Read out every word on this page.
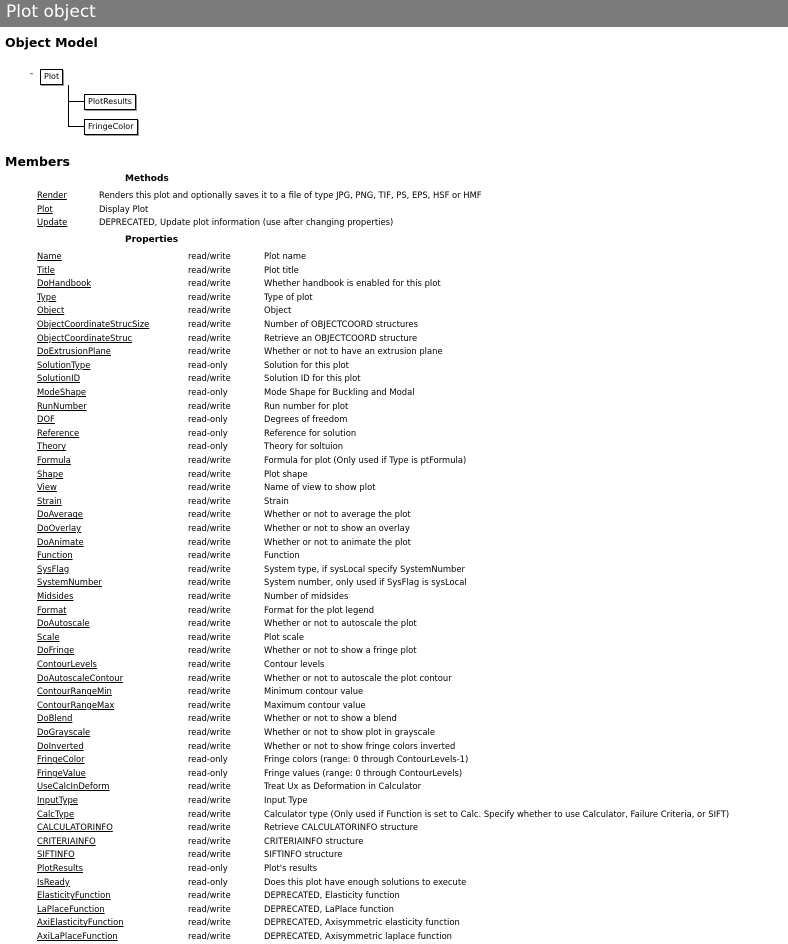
Plot object
Object Model
-	Plot
PlotResults
FringeColor
Members
Methods
Render	Renders this plot and optionally saves it to a file of type JPG, PNG, TIF, PS, EPS, HSF or HMF
Plot	Display Plot
Update	DEPRECATED, Update plot information (use after changing properties)
Properties
Name	read/write	Plot name
Title	read/write	Plot title
DoHandbook	read/write	Whether handbook is enabled for this plot
Type	read/write	Type of plot
Object	read/write	Object
ObjectCoordinateStrucSize	read/write	Number of OBJECTCOORD structures
ObjectCoordinateStruc	read/write	Retrieve an OBJECTCOORD structure
DoExtrusionPlane	read/write	Whether or not to have an extrusion plane
SolutionType	read-only	Solution for this plot
SolutionID	read/write	Solution ID for this plot
ModeShape	read-only	Mode Shape for Buckling and Modal
RunNumber	read/write	Run number for plot
DOF	read-only	Degrees of freedom
Reference	read-only	Reference for solution
Theory	read-only	Theory for soltuion
Formula	read/write	Formula for plot (Only used if Type is ptFormula)
Shape	read/write	Plot shape
View	read/write	Name of view to show plot
Strain	read/write	Strain
DoAverage	read/write	Whether or not to average the plot
DoOverlay	read/write	Whether or not to show an overlay
DoAnimate	read/write	Whether or not to animate the plot
Function	read/write	Function
SysFlag	read/write	System type, if sysLocal specify SystemNumber
SystemNumber	read/write	System number, only used if SysFlag is sysLocal
Midsides	read/write	Number of midsides
Format	read/write	Format for the plot legend
DoAutoscale	read/write	Whether or not to autoscale the plot
Scale	read/write	Plot scale
DoFringe	read/write	Whether or not to show a fringe plot
ContourLevels	read/write	Contour levels
DoAutoscaleContour	read/write	Whether or not to autoscale the plot contour
ContourRangeMin	read/write	Minimum contour value
ContourRangeMax	read/write	Maximum contour value
DoBlend	read/write	Whether or not to show a blend
DoGrayscale	read/write	Whether or not to show plot in grayscale
DoInverted	read/write	Whether or not to show fringe colors inverted
FringeColor	read-only	Fringe colors (range: 0 through ContourLevels-1)
FringeValue	read-only	Fringe values (range: 0 through ContourLevels)
UseCalcInDeform	read/write	Treat Ux as Deformation in Calculator
InputType	read/write	Input Type
CalcType	read/write	Calculator type (Only used if Function is set to Calc. Specify whether to use Calculator, Failure Criteria, or SIFT)
CALCULATORINFO	read/write	Retrieve CALCULATORINFO structure
CRITERIAINFO	read/write	CRITERIAINFO structure
SIFTINFO	read/write	SIFTINFO structure
PlotResults	read-only	Plot's results
IsReady	read-only	Does this plot have enough solutions to execute
ElasticityFunction	read/write	DEPRECATED, Elasticity function
LaPlaceFunction	read/write	DEPRECATED, LaPlace function
AxiElasticityFunction	read/write	DEPRECATED, Axisymmetric elasticity function
AxiLaPlaceFunction	read/write	DEPRECATED, Axisymmetric laplace function
